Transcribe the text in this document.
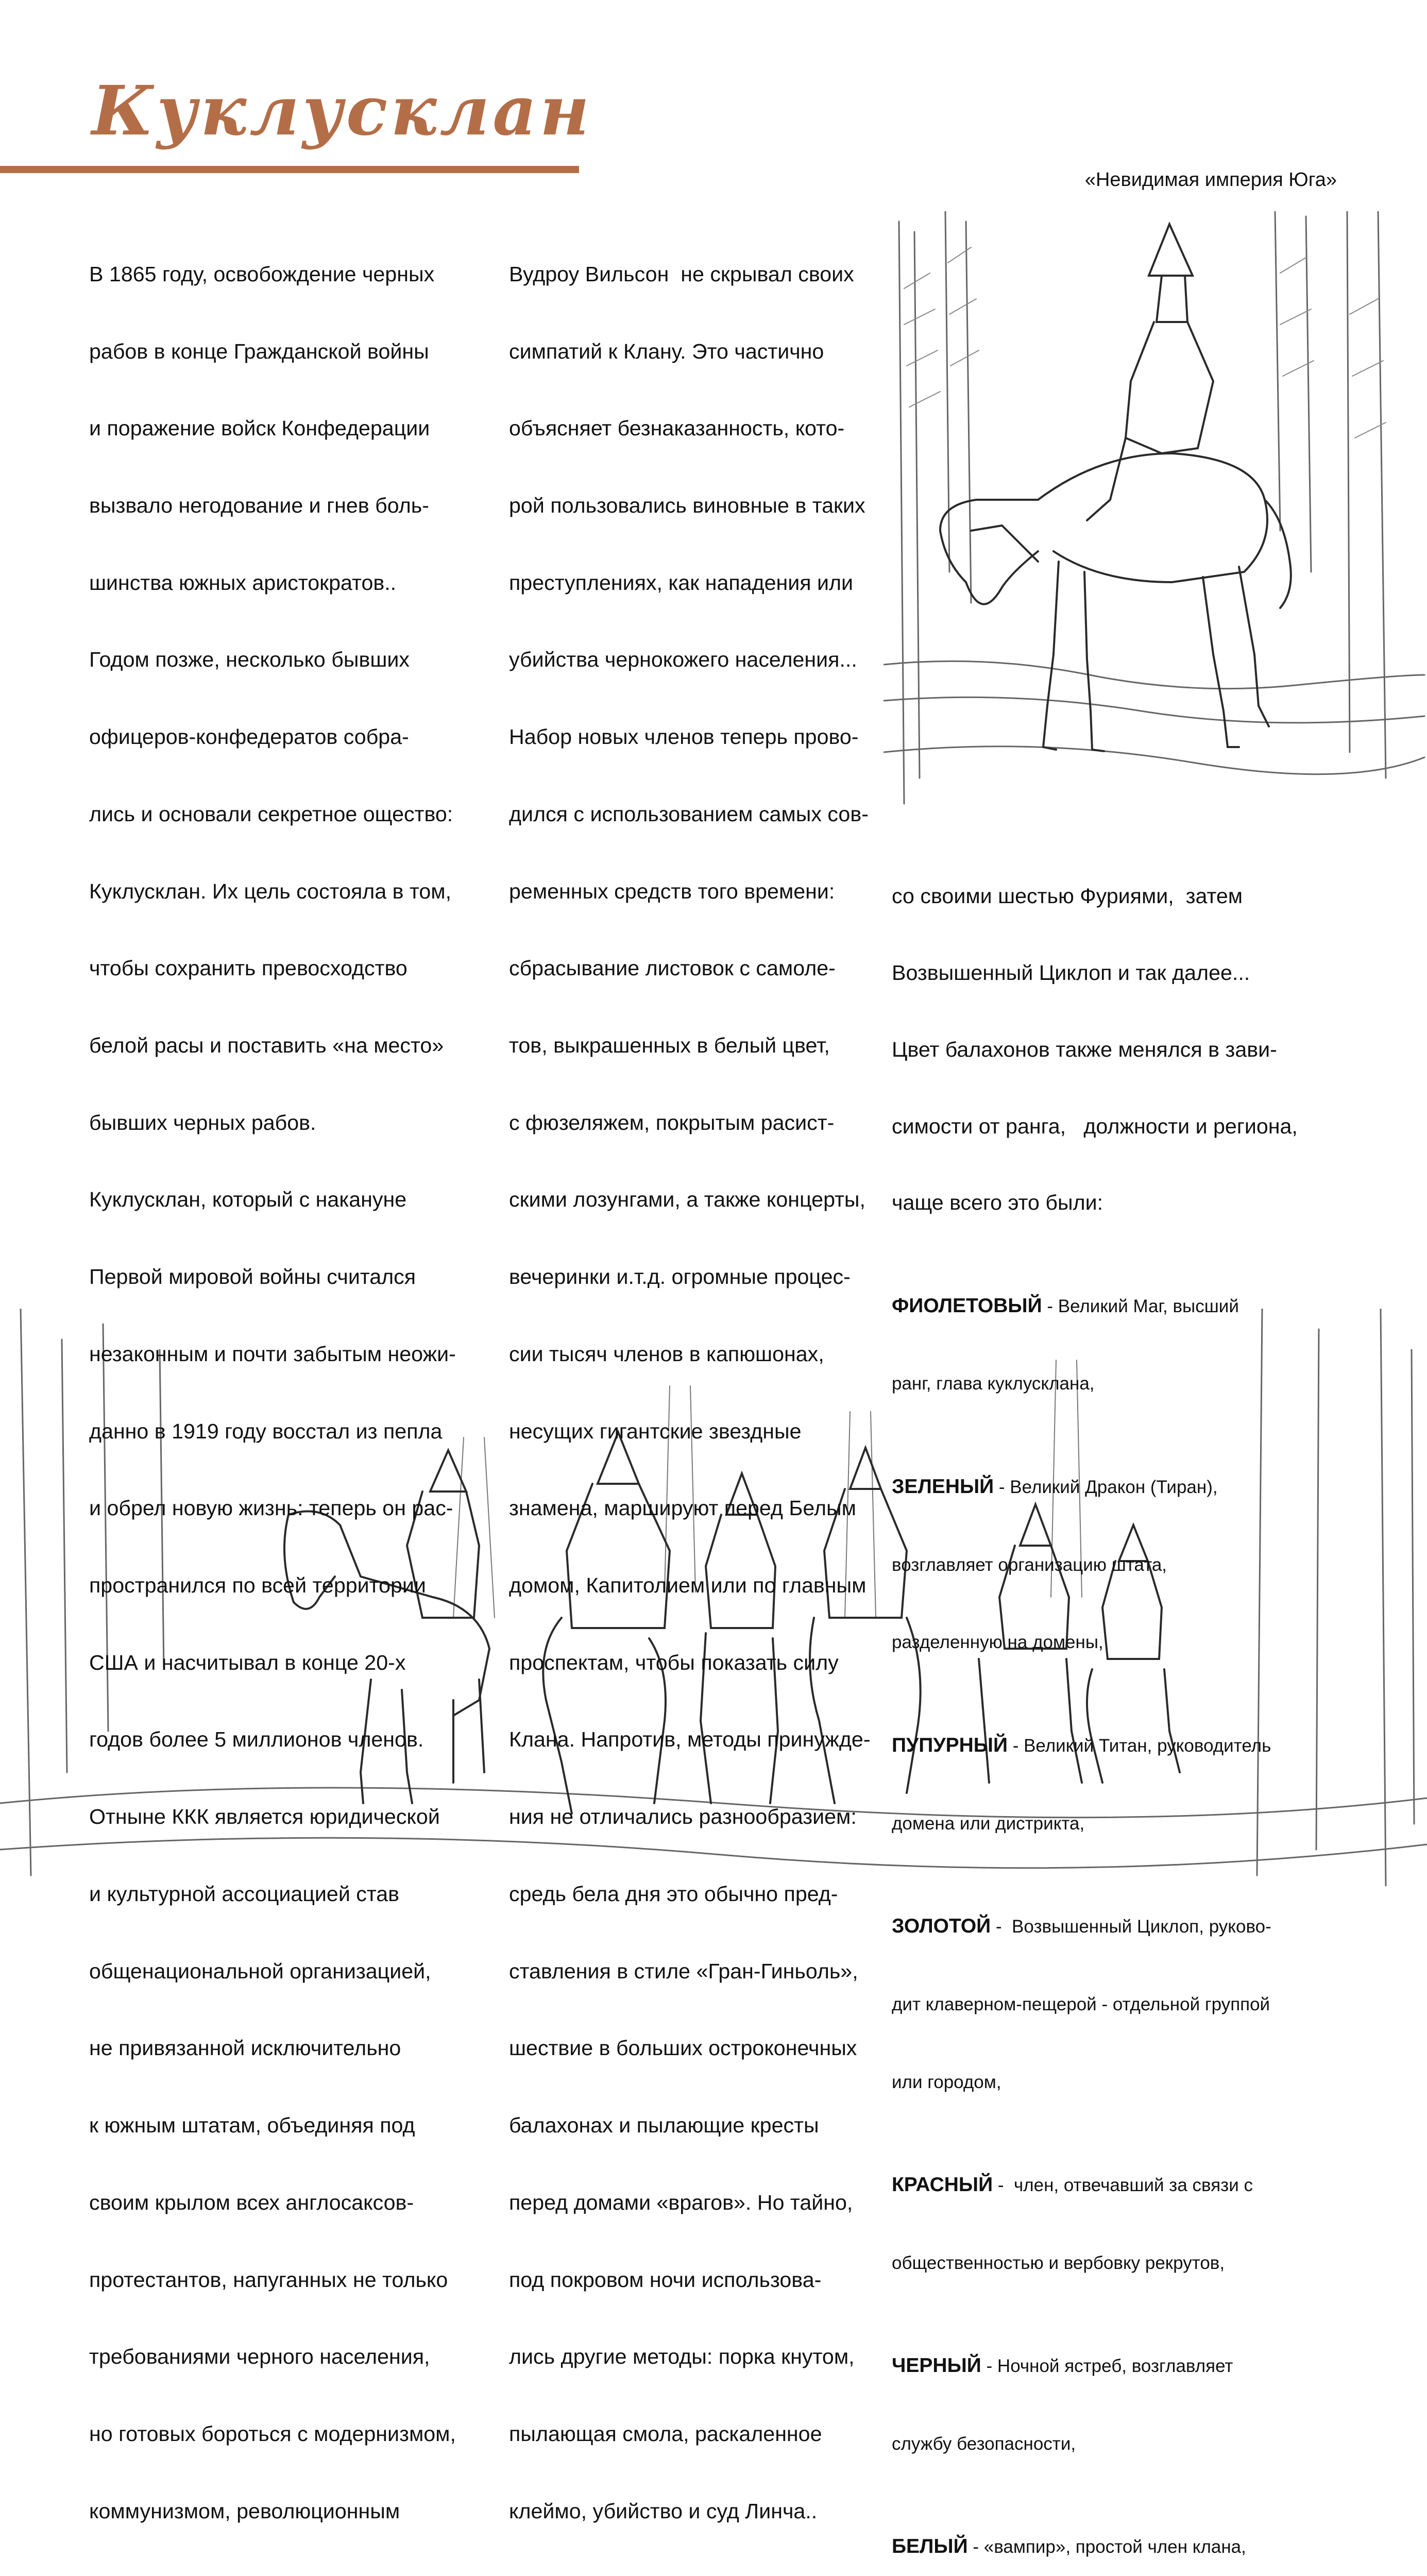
Куклусклан
«Невидимая империя Юга»

В 1865 году, освобождение черных

рабов в конце Гражданской войны

и поражение войск Конфедерации

вызвало негодование и гнев боль-

шинства южных аристократов..

Годом позже, несколько бывших

офицеров-конфедератов собра-

лись и основали секретное ощество:

Куклусклан. Их цель состояла в том,

чтобы сохранить превосходство

белой расы и поставить «на место»

бывших черных рабов.

Куклусклан, который с накануне

Первой мировой войны считался

незаконным и почти забытым неожи-

данно в 1919 году восстал из пепла

и обрел новую жизнь: теперь он рас-

пространился по всей территории

США и насчитывал в конце 20-х

годов более 5 миллионов членов.

Отныне ККК является юридической

и культурной ассоциацией став

общенациональной организацией,

не привязанной исключительно

к южным штатам, объединяя под

своим крылом всех англосаксов-

протестантов, напуганных не только

требованиями черного населения,

но готовых бороться с модернизмом,

коммунизмом, революционным

Вудроу Вильсон  не скрывал своих

симпатий к Клану. Это частично

объясняет безнаказанность, кото-

рой пользовались виновные в таких

преступлениях, как нападения или

убийства чернокожего населения...

Набор новых членов теперь прово-

дился с использованием самых сов-

ременных средств того времени:

сбрасывание листовок с самоле-

тов, выкрашенных в белый цвет,

с фюзеляжем, покрытым расист-

скими лозунгами, а также концерты,

вечеринки и.т.д. огромные процес-

сии тысяч членов в капюшонах,

несущих гигантские звездные

знамена, маршируют перед Белым

домом, Капитолием или по главным

проспектам, чтобы показать силу

Клана. Напротив, методы принужде-

ния не отличались разнообразием:

средь бела дня это обычно пред-

ставления в стиле «Гран-Гиньоль»,

шествие в больших остроконечных

балахонах и пылающие кресты

перед домами «врагов». Но тайно,

под покровом ночи использова-

лись другие методы: порка кнутом,

пылающая смола, раскаленное

клеймо, убийство и суд Линча..

со своими шестью Фуриями,  затем

Возвышенный Циклоп и так далее...

Цвет балахонов также менялся в зави-

симости от ранга,   должности и региона,

чаще всего это были:

ФИОЛЕТОВЫЙ - Великий Маг, высший

ранг, глава куклусклана,

ЗЕЛЕНЫЙ - Великий Дракон (Тиран),

возглавляет организацию штата,

разделенную на домены,

ПУПУРНЫЙ - Великий Титан, руководитель

домена или дистрикта,

ЗОЛОТОЙ -  Возвышенный Циклоп, руково-

дит клаверном-пещерой - отдельной группой

или городом,

КРАСНЫЙ -  член, отвечавший за связи с

общественностью и вербовку рекрутов,

ЧЕРНЫЙ - Ночной ястреб, возглавляет

службу безопасности,

БЕЛЫЙ - «вампир», простой член клана,
